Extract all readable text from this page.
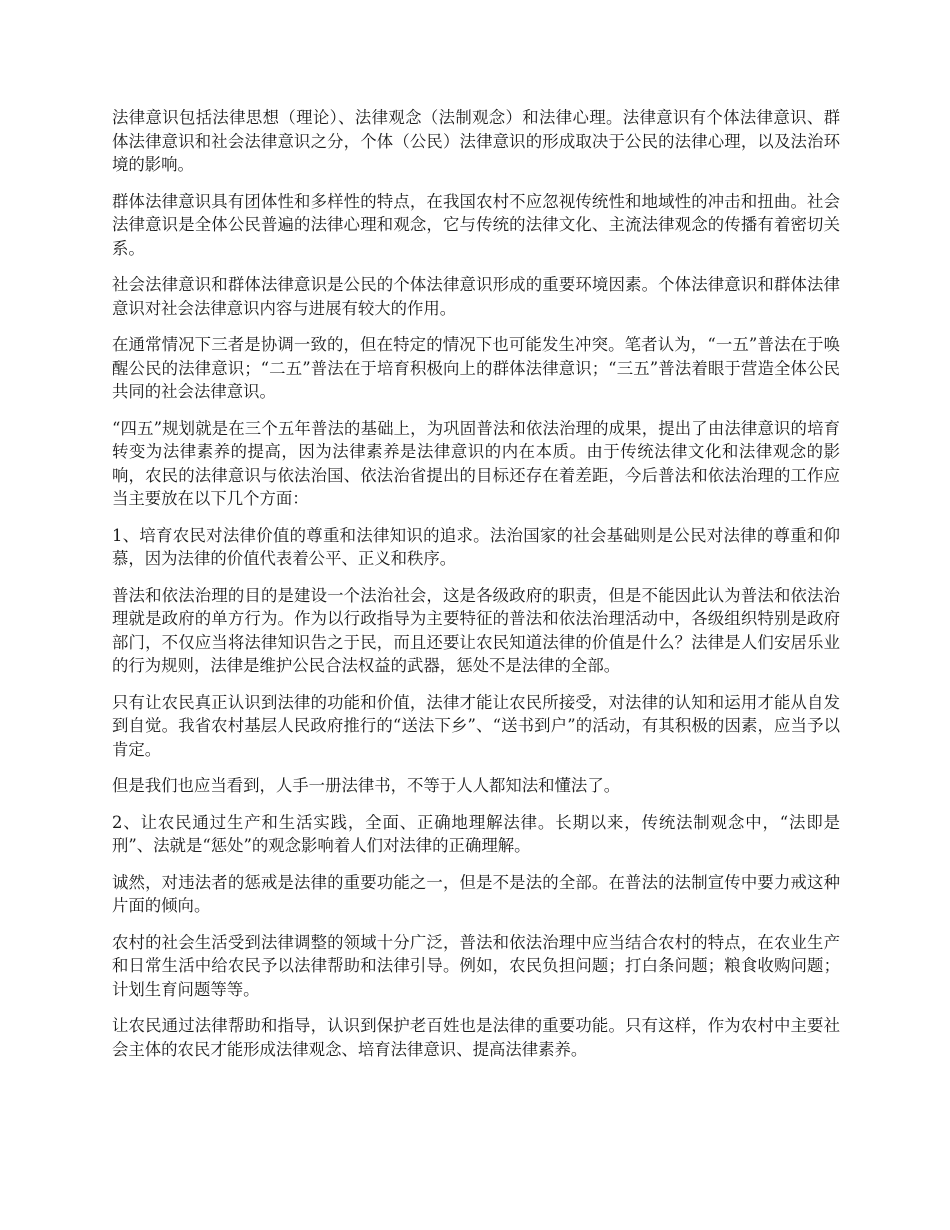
法律意识包括法律思想（理论）、法律观念（法制观念）和法律心理。法律意识有个体法律意识、群体法律意识和社会法律意识之分，个体（公民）法律意识的形成取决于公民的法律心理，以及法治环境的影响。

群体法律意识具有团体性和多样性的特点，在我国农村不应忽视传统性和地域性的冲击和扭曲。社会法律意识是全体公民普遍的法律心理和观念，它与传统的法律文化、主流法律观念的传播有着密切关系。

社会法律意识和群体法律意识是公民的个体法律意识形成的重要环境因素。个体法律意识和群体法律意识对社会法律意识内容与进展有较大的作用。

在通常情况下三者是协调一致的，但在特定的情况下也可能发生冲突。笔者认为，“一五”普法在于唤醒公民的法律意识；“二五”普法在于培育积极向上的群体法律意识；“三五”普法着眼于营造全体公民共同的社会法律意识。

“四五”规划就是在三个五年普法的基础上，为巩固普法和依法治理的成果，提出了由法律意识的培育转变为法律素养的提高，因为法律素养是法律意识的内在本质。由于传统法律文化和法律观念的影响，农民的法律意识与依法治国、依法治省提出的目标还存在着差距，今后普法和依法治理的工作应当主要放在以下几个方面：

1、培育农民对法律价值的尊重和法律知识的追求。法治国家的社会基础则是公民对法律的尊重和仰慕，因为法律的价值代表着公平、正义和秩序。

普法和依法治理的目的是建设一个法治社会，这是各级政府的职责，但是不能因此认为普法和依法治理就是政府的单方行为。作为以行政指导为主要特征的普法和依法治理活动中，各级组织特别是政府部门，不仅应当将法律知识告之于民，而且还要让农民知道法律的价值是什么？法律是人们安居乐业的行为规则，法律是维护公民合法权益的武器，惩处不是法律的全部。

只有让农民真正认识到法律的功能和价值，法律才能让农民所接受，对法律的认知和运用才能从自发到自觉。我省农村基层人民政府推行的“送法下乡”、“送书到户”的活动，有其积极的因素，应当予以肯定。

但是我们也应当看到，人手一册法律书，不等于人人都知法和懂法了。

2、让农民通过生产和生活实践，全面、正确地理解法律。长期以来，传统法制观念中，“法即是刑”、法就是“惩处”的观念影响着人们对法律的正确理解。

诚然，对违法者的惩戒是法律的重要功能之一，但是不是法的全部。在普法的法制宣传中要力戒这种片面的倾向。

农村的社会生活受到法律调整的领域十分广泛，普法和依法治理中应当结合农村的特点，在农业生产和日常生活中给农民予以法律帮助和法律引导。例如，农民负担问题；打白条问题；粮食收购问题；计划生育问题等等。

让农民通过法律帮助和指导，认识到保护老百姓也是法律的重要功能。只有这样，作为农村中主要社会主体的农民才能形成法律观念、培育法律意识、提高法律素养。
